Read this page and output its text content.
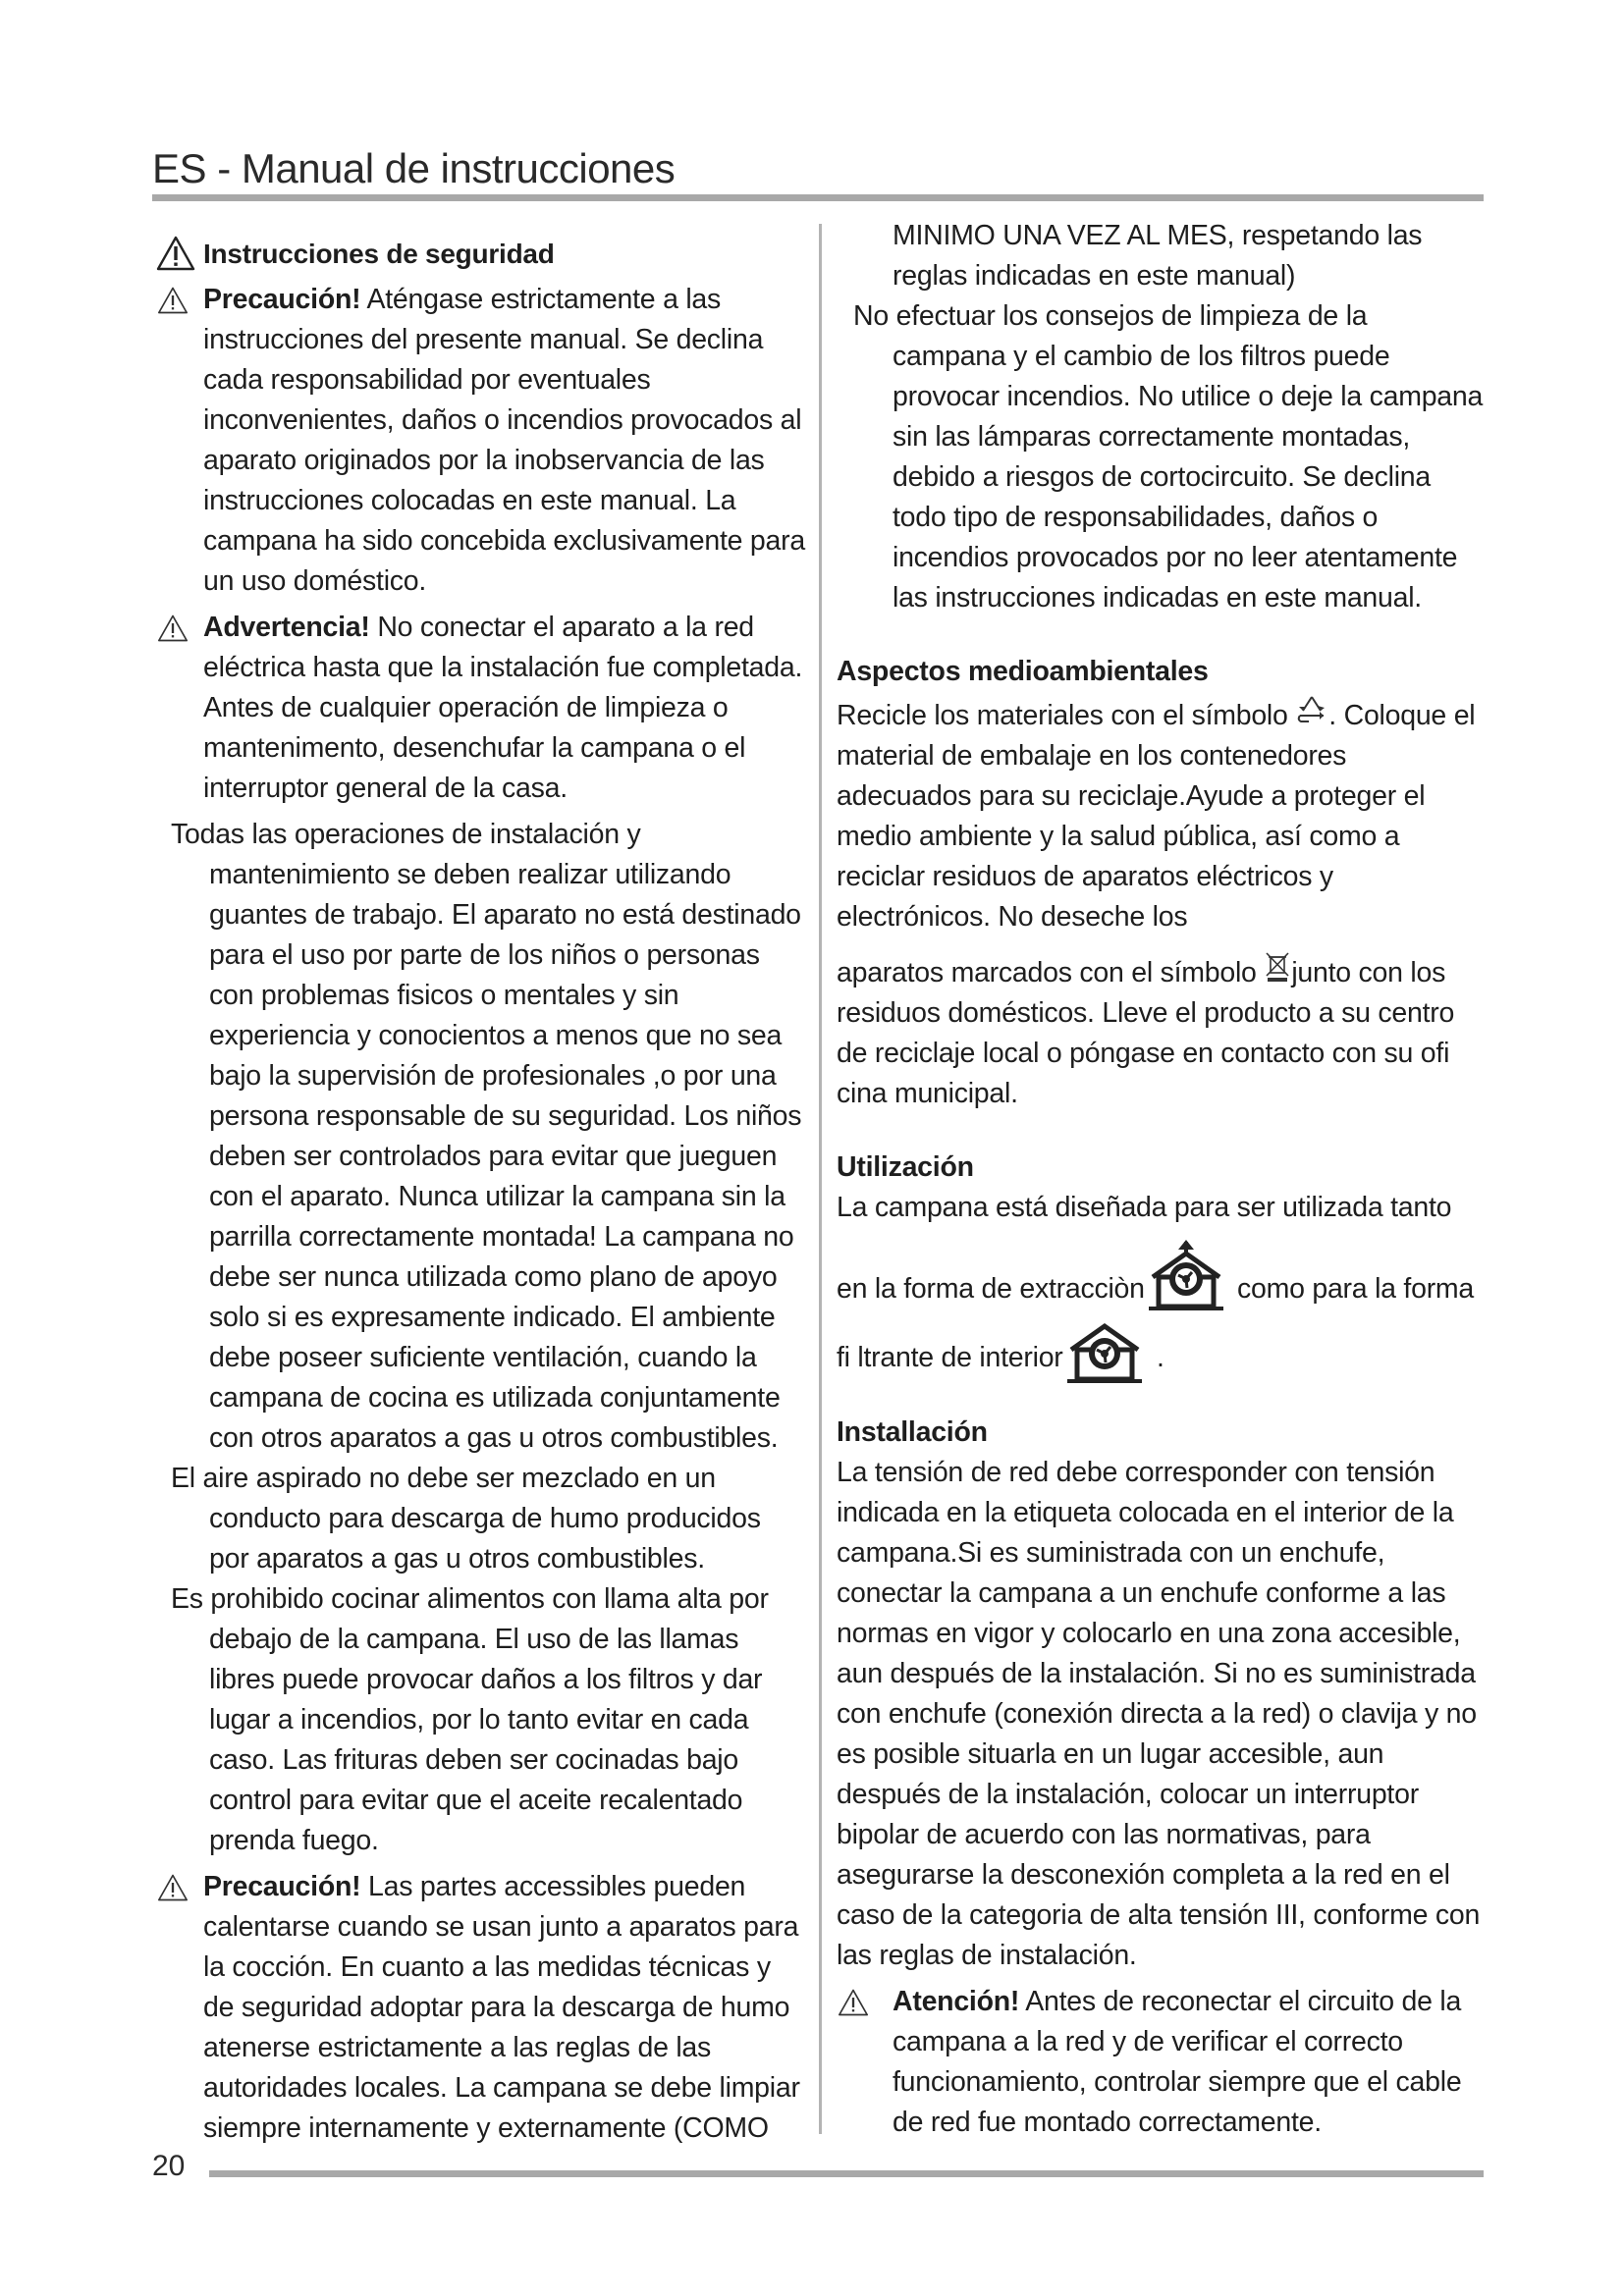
ES - Manual de instrucciones
Instrucciones de seguridad
Precaución! Aténgase estrictamente a las instrucciones del presente manual. Se declina cada responsabilidad por eventuales inconvenientes, daños o incendios provocados al aparato originados por la inobservancia de las instrucciones colocadas en este manual. La campana ha sido concebida exclusivamente para un uso doméstico.
Advertencia! No conectar el aparato a la red eléctrica hasta que la instalación fue completada. Antes de cualquier operación de limpieza o mantenimento, desenchufar la campana o el interruptor general de la casa.
Todas las operaciones de instalación y mantenimiento se deben realizar utilizando guantes de trabajo. El aparato no está destinado para el uso por parte de los niños o personas con problemas fisicos o mentales y sin experiencia y conocientos a menos que no sea bajo la supervisión de profesionales ,o por una persona responsable de su seguridad. Los niños deben ser controlados para evitar que jueguen con el aparato. Nunca utilizar la campana sin la parrilla correctamente montada! La campana no debe ser nunca utilizada como plano de apoyo solo si es expresamente indicado. El ambiente debe poseer suficiente ventilación, cuando la campana de cocina es utilizada conjuntamente con otros aparatos a gas u otros combustibles.
El aire aspirado no debe ser mezclado en un conducto para descarga de humo producidos por aparatos a gas u otros combustibles.
Es prohibido cocinar alimentos con llama alta por debajo de la campana. El uso de las llamas libres puede provocar daños a los filtros y dar lugar a incendios, por lo tanto evitar en cada caso. Las frituras deben ser cocinadas bajo control para evitar que el aceite recalentado prenda fuego.
Precaución! Las partes accessibles pueden calentarse cuando se usan junto a aparatos para la cocción. En cuanto a las medidas técnicas y de seguridad adoptar para la descarga de humo atenerse estrictamente a las reglas de las autoridades locales. La campana se debe limpiar siempre internamente y externamente (COMO
MINIMO UNA VEZ AL MES, respetando las reglas indicadas en este manual)
No efectuar los consejos de limpieza de la campana y el cambio de los filtros puede provocar incendios. No utilice o deje la campana sin las lámparas correctamente montadas, debido a riesgos de cortocircuito. Se declina todo tipo de responsabilidades, daños o incendios provocados por no leer atentamente las instrucciones indicadas en este manual.
Aspectos medioambientales
Recicle los materiales con el símbolo . Coloque el material de embalaje en los contenedores adecuados para su reciclaje.Ayude a proteger el medio ambiente y la salud pública, así como a reciclar residuos de aparatos eléctricos y electrónicos. No deseche los
aparatos marcados con el símbolo junto con los residuos domésticos. Lleve el producto a su centro de reciclaje local o póngase en contacto con su ofi cina municipal.
Utilización
La campana está diseñada para ser utilizada tanto
en la forma de extracciòn	como para la forma
fi ltrante de interior	.
Installación
La tensión de red debe corresponder con tensión indicada en la etiqueta colocada en el interior de la campana.Si es suministrada con un enchufe, conectar la campana a un enchufe conforme a las normas en vigor y colocarlo en una zona accesible, aun después de la instalación. Si no es suministrada con enchufe (conexión directa a la red) o clavija y no es posible situarla en un lugar accesible, aun después de la instalación, colocar un interruptor bipolar de acuerdo con las normativas, para asegurarse la desconexión completa a la red en el caso de la categoria de alta tensión III, conforme con las reglas de instalación.
Atención! Antes de reconectar el circuito de la campana a la red y de verificar el correcto funcionamiento, controlar siempre que el cable de red fue montado correctamente.
20
